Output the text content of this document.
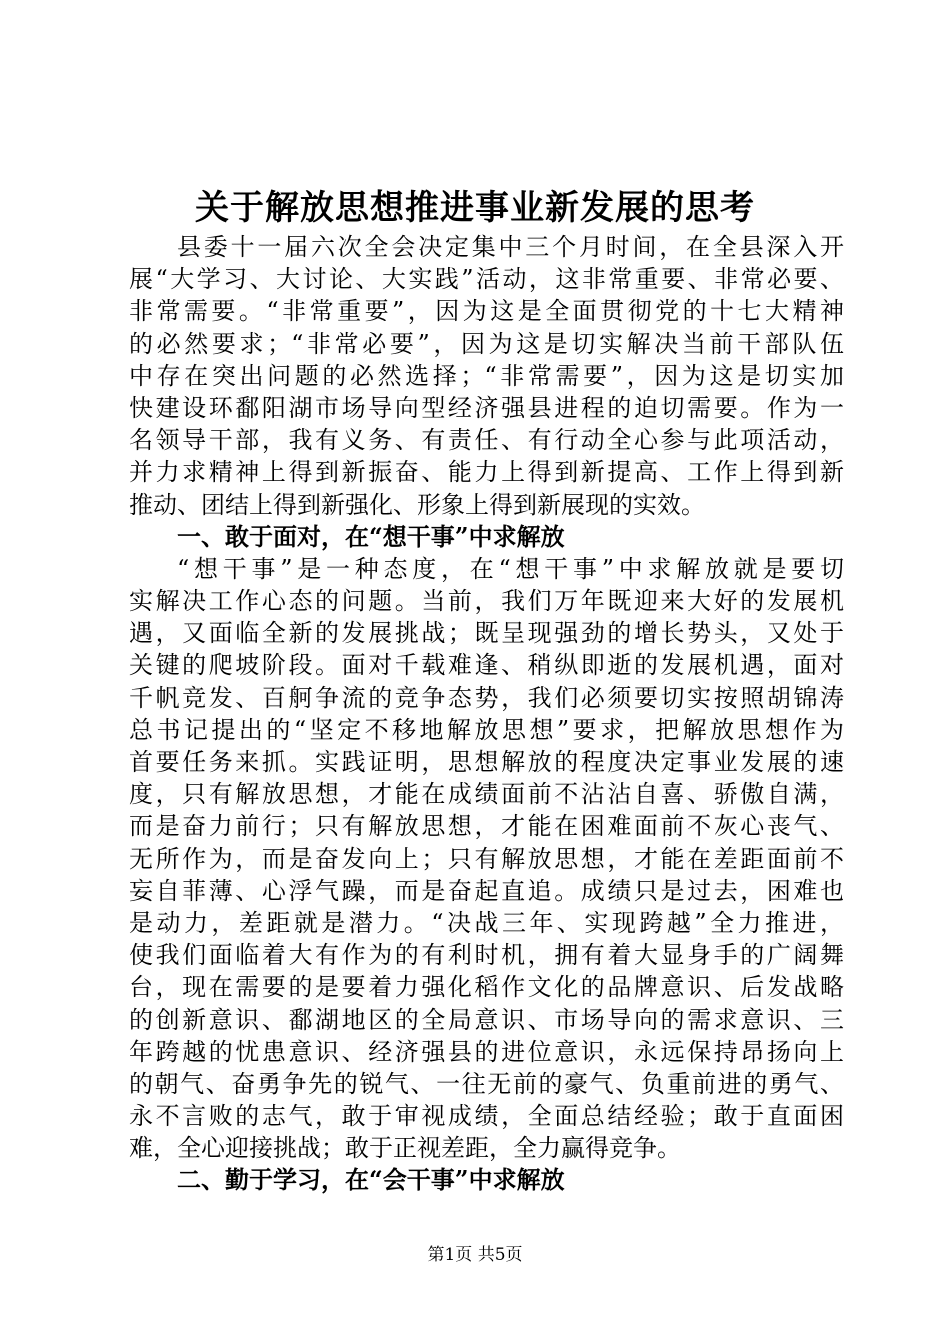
关于解放思想推进事业新发展的思考
县委十一届六次全会决定集中三个月时间，在全县深入开
展“大学习、大讨论、大实践”活动，这非常重要、非常必要、
非常需要。“非常重要”，因为这是全面贯彻党的十七大精神
的必然要求；“非常必要”，因为这是切实解决当前干部队伍
中存在突出问题的必然选择；“非常需要”，因为这是切实加
快建设环鄱阳湖市场导向型经济强县进程的迫切需要。作为一
名领导干部，我有义务、有责任、有行动全心参与此项活动，
并力求精神上得到新振奋、能力上得到新提高、工作上得到新
推动、团结上得到新强化、形象上得到新展现的实效。
一、敢于面对，在“想干事”中求解放
“想干事”是一种态度，在“想干事”中求解放就是要切
实解决工作心态的问题。当前，我们万年既迎来大好的发展机
遇，又面临全新的发展挑战；既呈现强劲的增长势头，又处于
关键的爬坡阶段。面对千载难逢、稍纵即逝的发展机遇，面对
千帆竞发、百舸争流的竞争态势，我们必须要切实按照胡锦涛
总书记提出的“坚定不移地解放思想”要求，把解放思想作为
首要任务来抓。实践证明，思想解放的程度决定事业发展的速
度，只有解放思想，才能在成绩面前不沾沾自喜、骄傲自满，
而是奋力前行；只有解放思想，才能在困难面前不灰心丧气、
无所作为，而是奋发向上；只有解放思想，才能在差距面前不
妄自菲薄、心浮气躁，而是奋起直追。成绩只是过去，困难也
是动力，差距就是潜力。“决战三年、实现跨越”全力推进，
使我们面临着大有作为的有利时机，拥有着大显身手的广阔舞
台，现在需要的是要着力强化稻作文化的品牌意识、后发战略
的创新意识、鄱湖地区的全局意识、市场导向的需求意识、三
年跨越的忧患意识、经济强县的进位意识，永远保持昂扬向上
的朝气、奋勇争先的锐气、一往无前的豪气、负重前进的勇气、
永不言败的志气，敢于审视成绩，全面总结经验；敢于直面困
难，全心迎接挑战；敢于正视差距，全力赢得竞争。
二、勤于学习，在“会干事”中求解放
第1页 共5页
